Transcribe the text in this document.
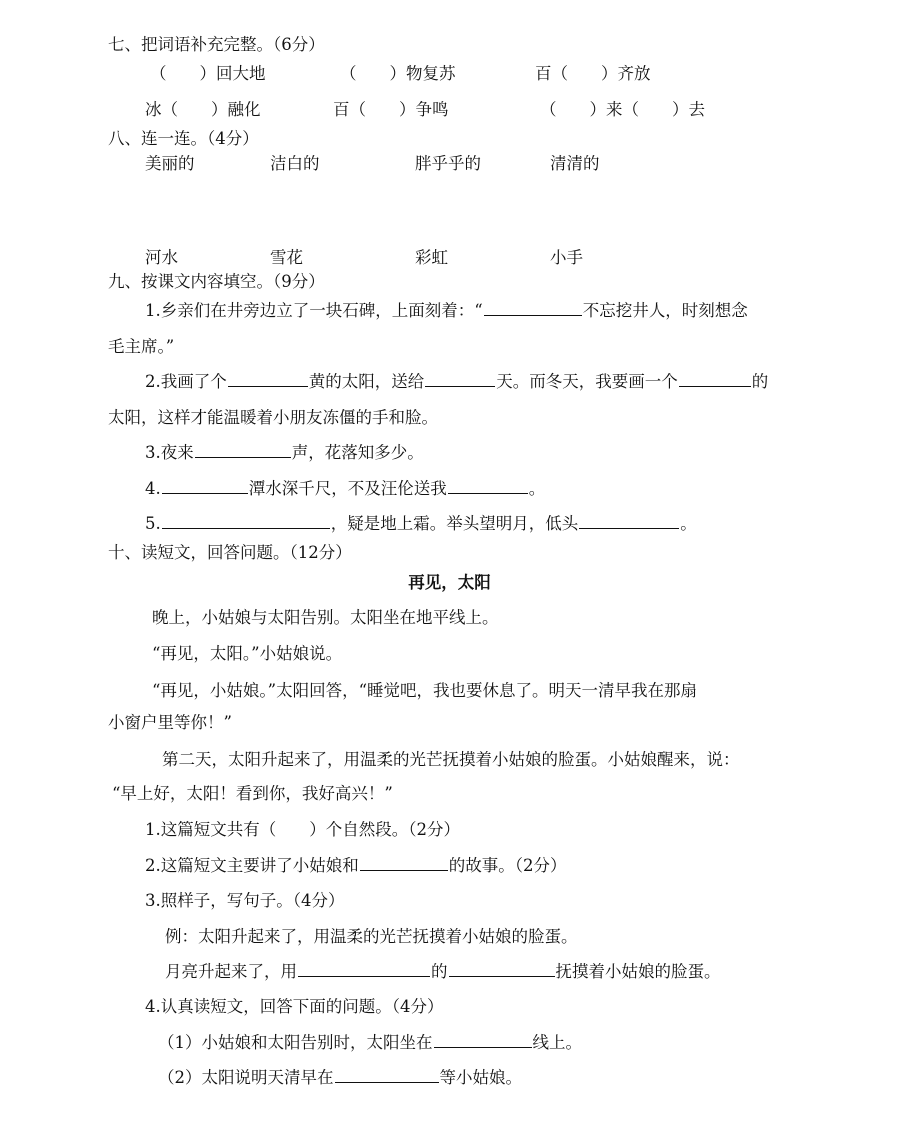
七、把词语补充完整。（6分）
（　　）回大地	（　　）物复苏	百（　　）齐放
冰（　　）融化	百（　　）争鸣	（　　）来（　　）去
八、连一连。（4分）
美丽的	洁白的	胖乎乎的	清清的
河水	雪花	彩虹	小手
九、按课文内容填空。（9分）
1.乡亲们在井旁边立了一块石碑，上面刻着：“	不忘挖井人，时刻想念
毛主席。”
2.我画了个	黄的太阳，送给	天。而冬天，我要画一个	的
太阳，这样才能温暖着小朋友冻僵的手和脸。
3.夜来	声，花落知多少。
4.	潭水深千尺，不及汪伦送我	。
5.	，疑是地上霜。举头望明月，低头	。
十、读短文，回答问题。（12分）
再见，太阳
晚上，小姑娘与太阳告别。太阳坐在地平线上。
“再见，太阳。”小姑娘说。
“再见，小姑娘。”太阳回答，“睡觉吧，我也要休息了。明天一清早我在那扇
小窗户里等你！”
第二天，太阳升起来了，用温柔的光芒抚摸着小姑娘的脸蛋。小姑娘醒来，说：
“早上好，太阳！看到你，我好高兴！”
1.这篇短文共有（　　）个自然段。（2分）
2.这篇短文主要讲了小姑娘和	的故事。（2分）
3.照样子，写句子。（4分）
例：太阳升起来了，用温柔的光芒抚摸着小姑娘的脸蛋。
月亮升起来了，用	的	抚摸着小姑娘的脸蛋。
4.认真读短文，回答下面的问题。（4分）
（1）小姑娘和太阳告别时，太阳坐在	线上。
（2）太阳说明天清早在	等小姑娘。
